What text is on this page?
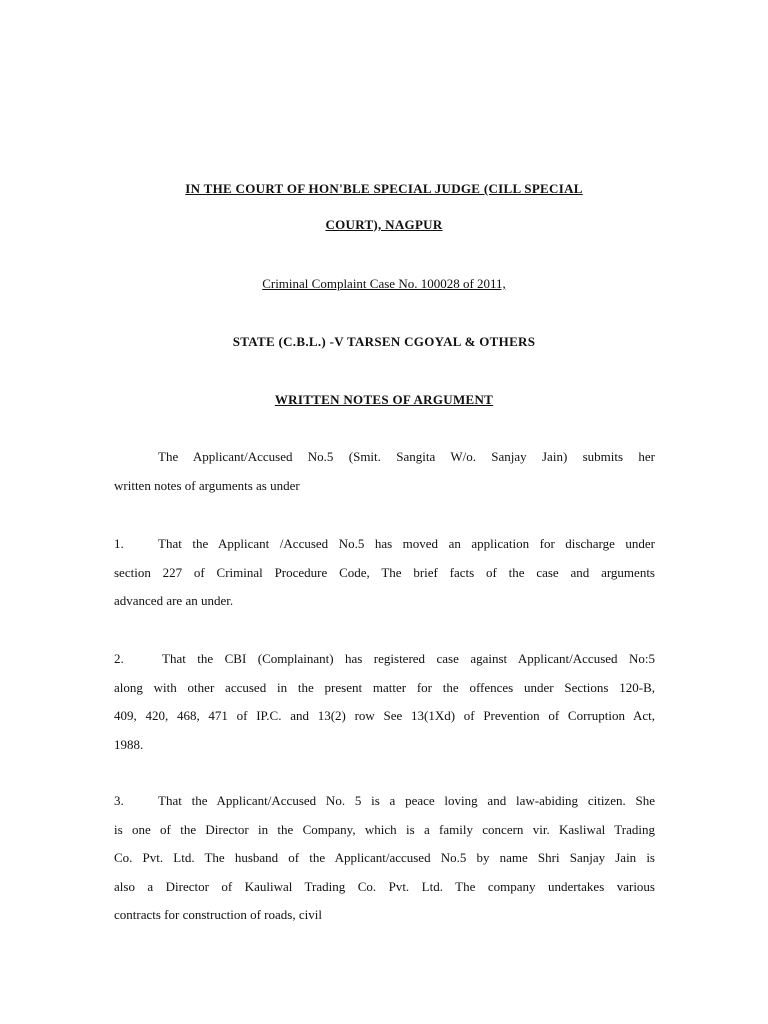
IN THE COURT OF HON'BLE SPECIAL JUDGE (CILL SPECIAL
COURT), NAGPUR
Criminal Complaint Case No. 100028 of 2011,
STATE (C.B.L.) -V TARSEN CGOYAL & OTHERS
WRITTEN NOTES OF ARGUMENT
The Applicant/Accused No.5 (Smit. Sangita W/o. Sanjay Jain) submits her
written notes of arguments as under
1.	That the Applicant /Accused No.5 has moved an application for discharge under
section 227 of Criminal Procedure Code, The brief facts of the case and arguments
advanced are an under.
2.	That the CBI (Complainant) has registered case against Applicant/Accused No:5
along with other accused in the present matter for the offences under Sections 120-B,
409, 420, 468, 471 of IP.C. and 13(2) row See 13(1Xd) of Prevention of Corruption Act,
1988.
3.	That the Applicant/Accused No. 5 is a peace loving and law-abiding citizen. She
is one of the Director in the Company, which is a family concern vir. Kasliwal Trading
Co. Pvt. Ltd. The husband of the Applicant/accused No.5 by name Shri Sanjay Jain is
also a Director of Kauliwal Trading Co. Pvt. Ltd. The company undertakes various
contracts for construction of roads, civil
